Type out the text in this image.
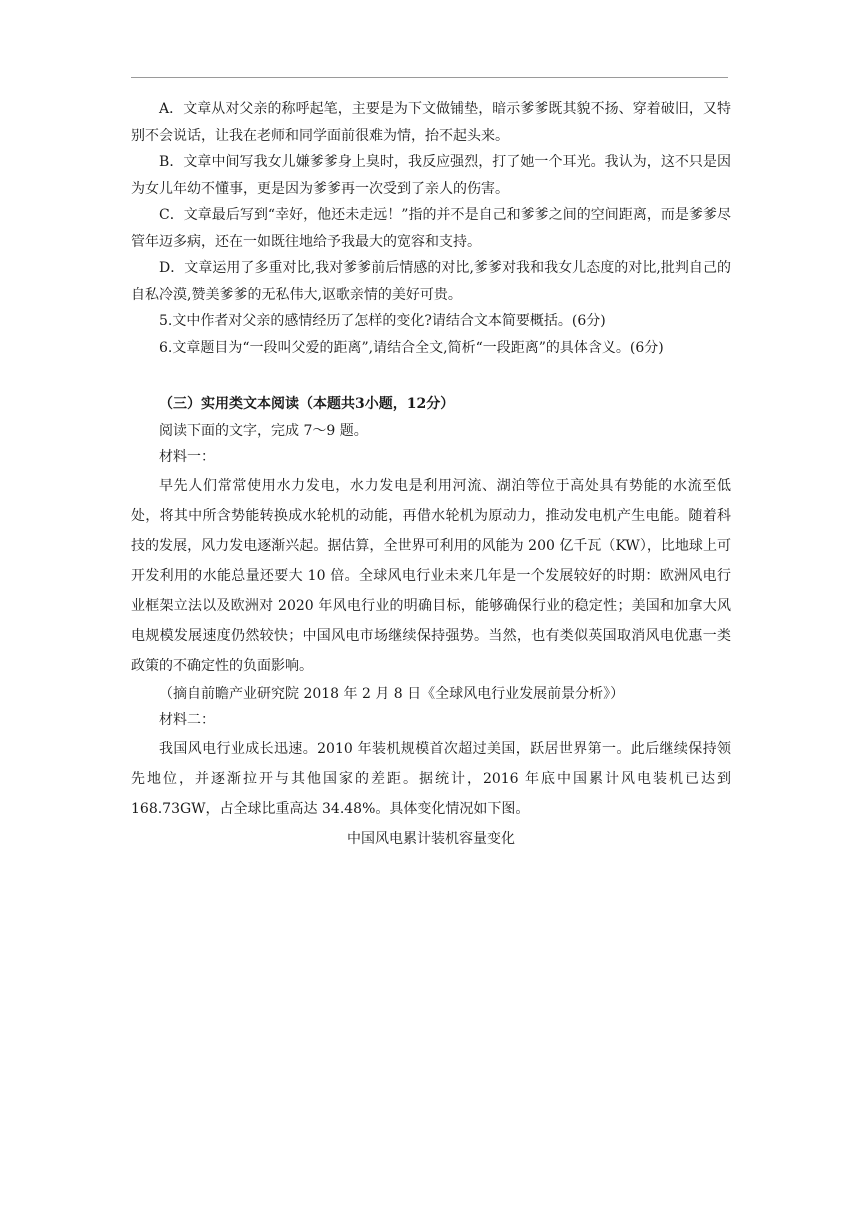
A．文章从对父亲的称呼起笔，主要是为下文做铺垫，暗示爹爹既其貌不扬、穿着破旧，又特别不会说话，让我在老师和同学面前很难为情，抬不起头来。

B．文章中间写我女儿嫌爹爹身上臭时，我反应强烈，打了她一个耳光。我认为，这不只是因为女儿年幼不懂事，更是因为爹爹再一次受到了亲人的伤害。

C．文章最后写到“幸好，他还未走远！”指的并不是自己和爹爹之间的空间距离，而是爹爹尽管年迈多病，还在一如既往地给予我最大的宽容和支持。

D．文章运用了多重对比,我对爹爹前后情感的对比,爹爹对我和我女儿态度的对比,批判自己的自私冷漠,赞美爹爹的无私伟大,讴歌亲情的美好可贵。

5.文中作者对父亲的感情经历了怎样的变化?请结合文本简要概括。(6分)

6.文章题目为“一段叫父爱的距离”,请结合全文,简析“一段距离”的具体含义。(6分)

（三）实用类文本阅读（本题共3小题，12分）

阅读下面的文字，完成 7～9 题。

材料一：

早先人们常常使用水力发电，水力发电是利用河流、湖泊等位于高处具有势能的水流至低处，将其中所含势能转换成水轮机的动能，再借水轮机为原动力，推动发电机产生电能。随着科技的发展，风力发电逐渐兴起。据估算，全世界可利用的风能为 200 亿千瓦（KW），比地球上可开发利用的水能总量还要大 10 倍。全球风电行业未来几年是一个发展较好的时期：欧洲风电行业框架立法以及欧洲对 2020 年风电行业的明确目标，能够确保行业的稳定性；美国和加拿大风电规模发展速度仍然较快；中国风电市场继续保持强势。当然，也有类似英国取消风电优惠一类政策的不确定性的负面影响。

（摘自前瞻产业研究院 2018 年 2 月 8 日《全球风电行业发展前景分析》）

材料二：

我国风电行业成长迅速。2010 年装机规模首次超过美国，跃居世界第一。此后继续保持领先地位，并逐渐拉开与其他国家的差距。据统计，2016 年底中国累计风电装机已达到 168.73GW，占全球比重高达 34.48%。具体变化情况如下图。

中国风电累计装机容量变化
